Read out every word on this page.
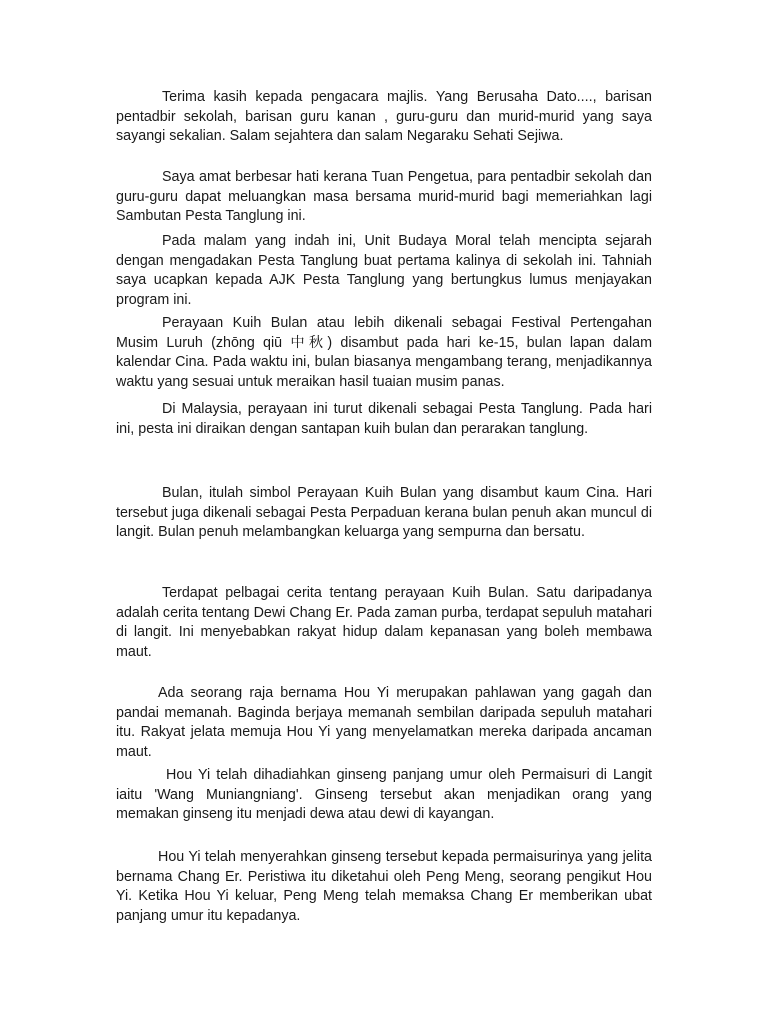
Terima kasih kepada pengacara majlis. Yang Berusaha Dato...., barisan pentadbir sekolah, barisan guru kanan , guru-guru dan murid-murid yang saya sayangi sekalian. Salam sejahtera dan salam Negaraku Sehati Sejiwa.

Saya amat berbesar hati kerana Tuan Pengetua, para pentadbir sekolah dan guru-guru dapat meluangkan masa bersama murid-murid bagi memeriahkan lagi Sambutan Pesta Tanglung ini.

Pada malam yang indah ini, Unit Budaya Moral telah mencipta sejarah dengan mengadakan Pesta Tanglung buat pertama kalinya di sekolah ini. Tahniah saya ucapkan kepada AJK Pesta Tanglung yang bertungkus lumus menjayakan program ini.

Perayaan Kuih Bulan atau lebih dikenali sebagai Festival Pertengahan Musim Luruh (zhōng qiū 中秋) disambut pada hari ke-15, bulan lapan dalam kalendar Cina. Pada waktu ini, bulan biasanya mengambang terang, menjadikannya waktu yang sesuai untuk meraikan hasil tuaian musim panas.

Di Malaysia, perayaan ini turut dikenali sebagai Pesta Tanglung. Pada hari ini, pesta ini diraikan dengan santapan kuih bulan dan perarakan tanglung.

Bulan, itulah simbol Perayaan Kuih Bulan yang disambut kaum Cina. Hari tersebut juga dikenali sebagai Pesta Perpaduan kerana bulan penuh akan muncul di langit. Bulan penuh melambangkan keluarga yang sempurna dan bersatu.

Terdapat pelbagai cerita tentang perayaan Kuih Bulan. Satu daripadanya adalah cerita tentang Dewi Chang Er. Pada zaman purba, terdapat sepuluh matahari di langit. Ini menyebabkan rakyat hidup dalam kepanasan yang boleh membawa maut.

Ada seorang raja bernama Hou Yi merupakan pahlawan yang gagah dan pandai memanah. Baginda berjaya memanah sembilan daripada sepuluh matahari itu. Rakyat jelata memuja Hou Yi yang menyelamatkan mereka daripada ancaman maut.

Hou Yi telah dihadiahkan ginseng panjang umur oleh Permaisuri di Langit iaitu 'Wang Muniangniang'. Ginseng tersebut akan menjadikan orang yang memakan ginseng itu menjadi dewa atau dewi di kayangan.

Hou Yi telah menyerahkan ginseng tersebut kepada permaisurinya yang jelita bernama Chang Er. Peristiwa itu diketahui oleh Peng Meng, seorang pengikut Hou Yi. Ketika Hou Yi keluar, Peng Meng telah memaksa Chang Er memberikan ubat panjang umur itu kepadanya.
